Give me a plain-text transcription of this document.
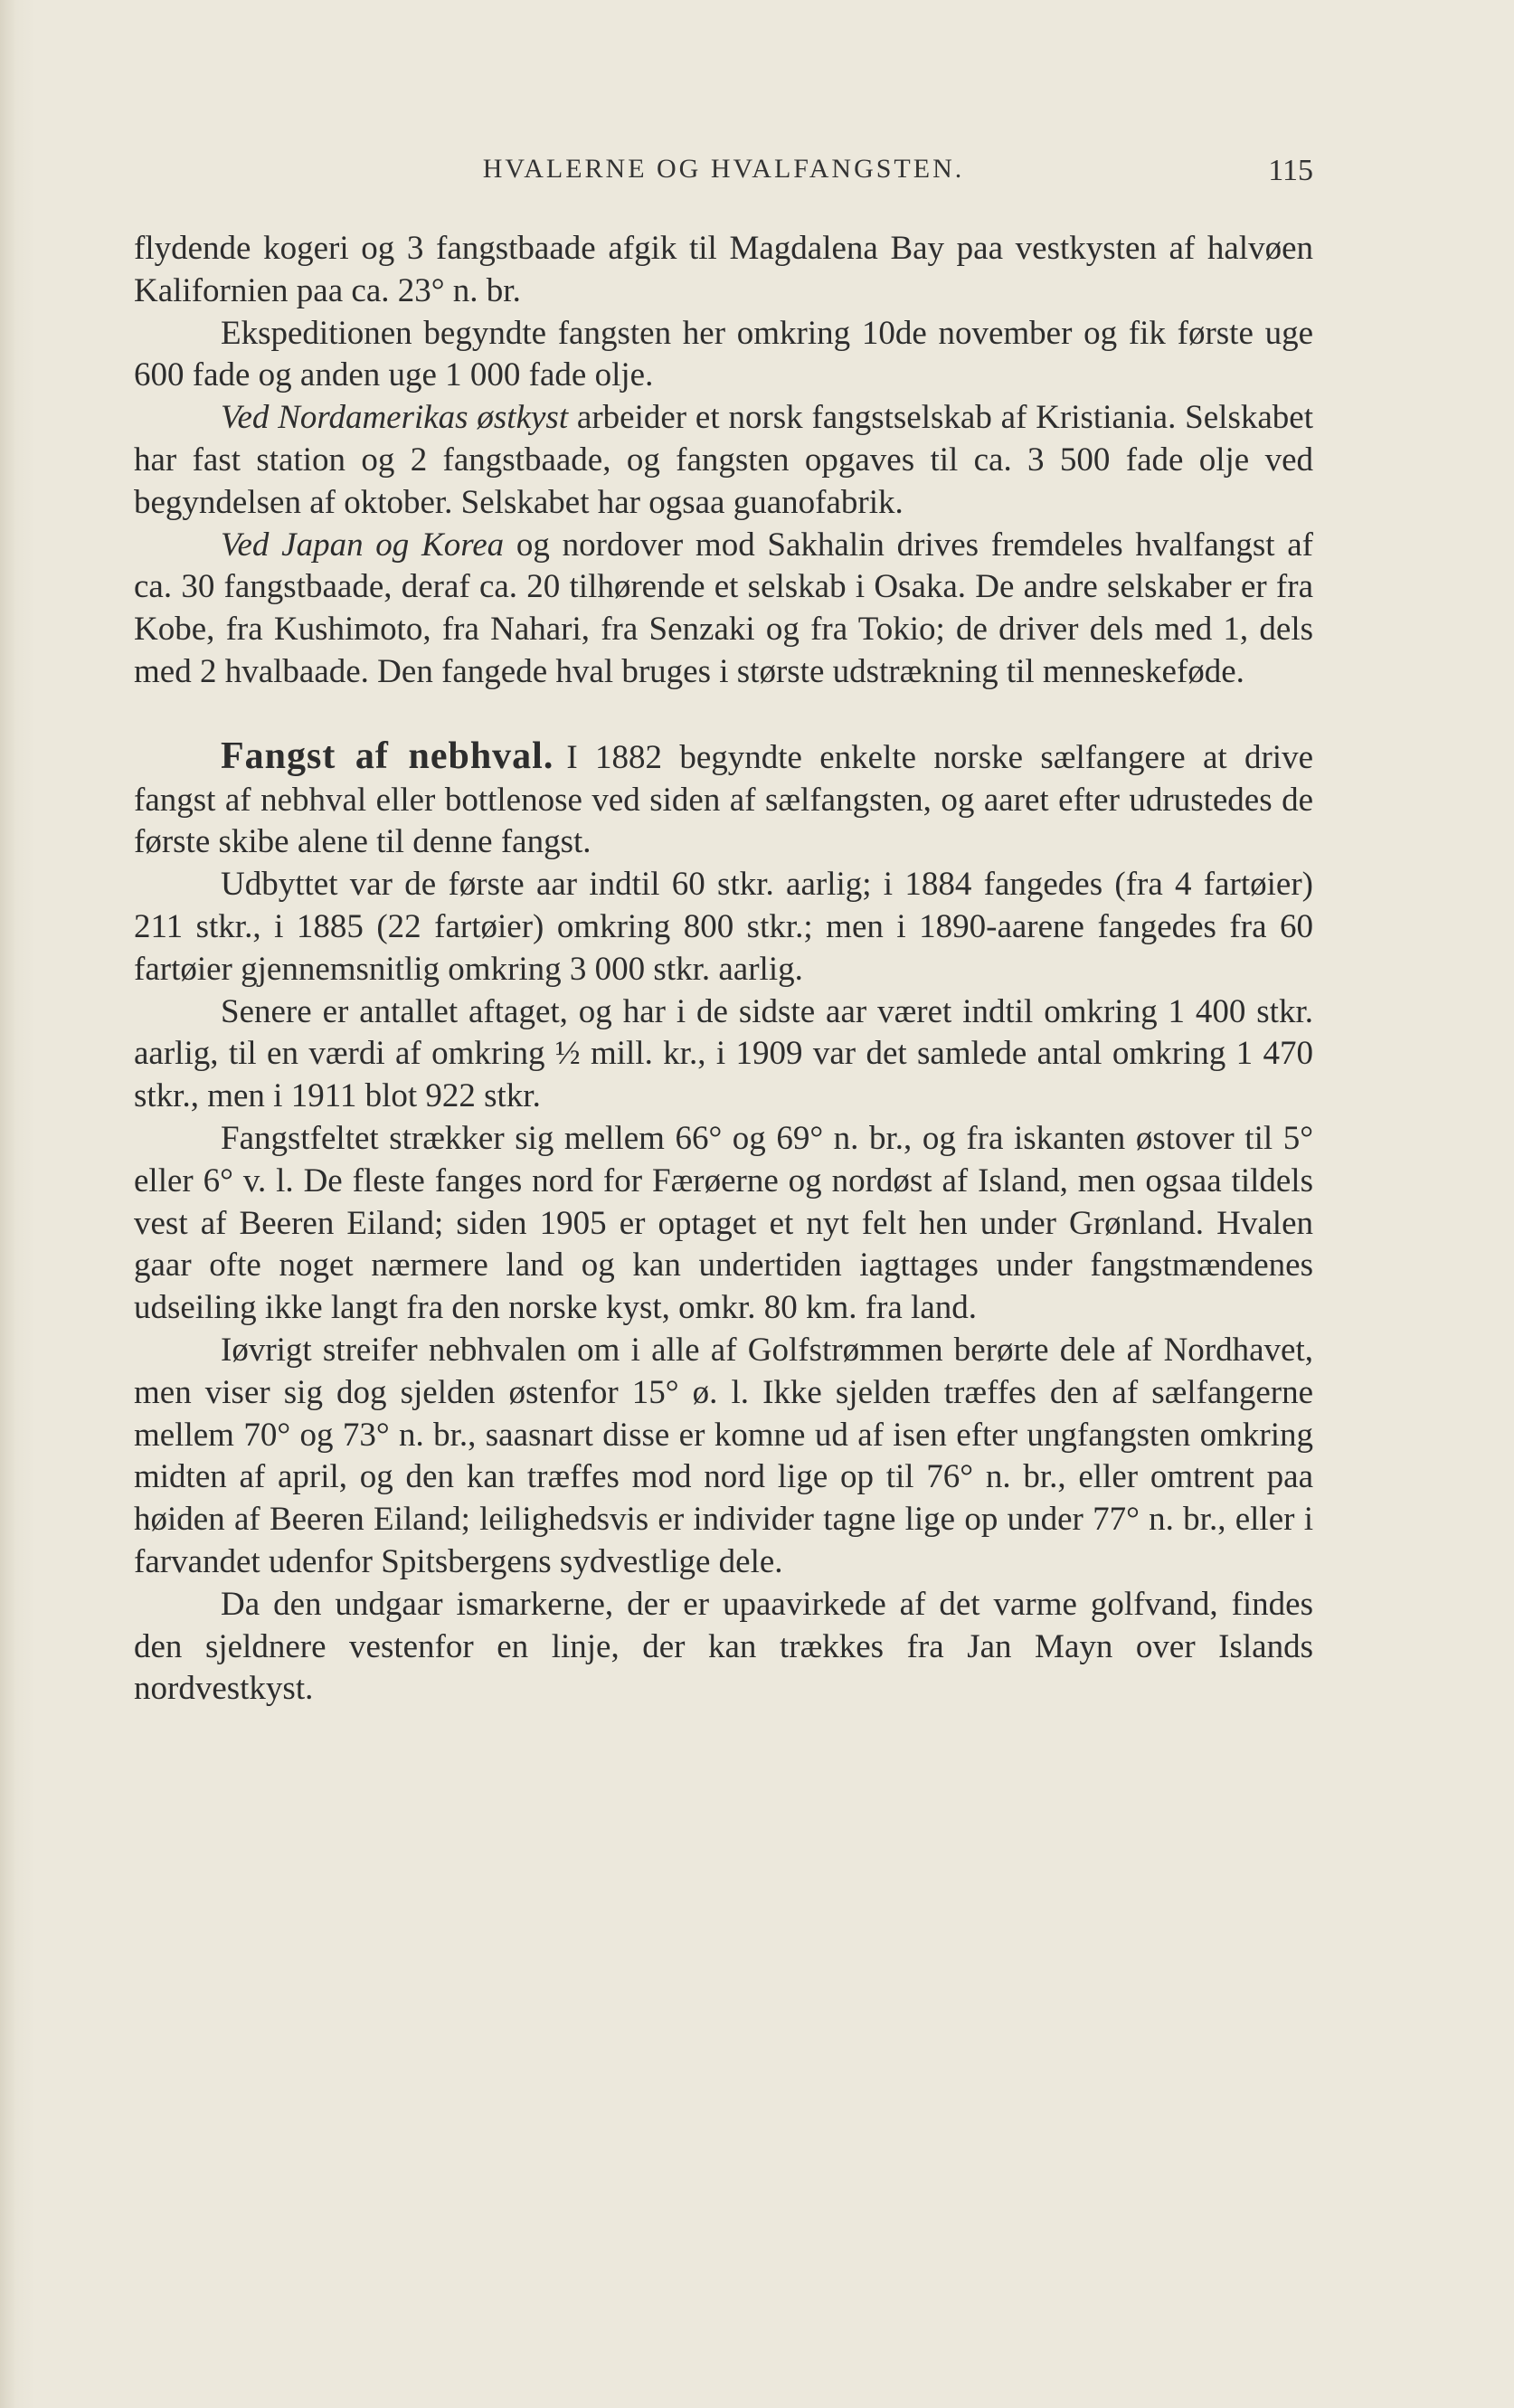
HVALERNE OG HVALFANGSTEN.	115

flydende kogeri og 3 fangstbaade afgik til Magdalena Bay paa vestkysten af halvøen Kalifornien paa ca. 23° n. br.

Ekspeditionen begyndte fangsten her omkring 10de november og fik første uge 600 fade og anden uge 1 000 fade olje.

Ved Nordamerikas østkyst arbeider et norsk fangstselskab af Kristiania. Selskabet har fast station og 2 fangstbaade, og fangsten opgaves til ca. 3 500 fade olje ved begyndelsen af oktober. Selskabet har ogsaa guanofabrik.

Ved Japan og Korea og nordover mod Sakhalin drives fremdeles hvalfangst af ca. 30 fangstbaade, deraf ca. 20 tilhørende et selskab i Osaka. De andre selskaber er fra Kobe, fra Kushimoto, fra Nahari, fra Senzaki og fra Tokio; de driver dels med 1, dels med 2 hvalbaade. Den fangede hval bruges i største udstrækning til menneskeføde.

Fangst af nebhval. I 1882 begyndte enkelte norske sælfangere at drive fangst af nebhval eller bottlenose ved siden af sælfangsten, og aaret efter udrustedes de første skibe alene til denne fangst.

Udbyttet var de første aar indtil 60 stkr. aarlig; i 1884 fangedes (fra 4 fartøier) 211 stkr., i 1885 (22 fartøier) omkring 800 stkr.; men i 1890-aarene fangedes fra 60 fartøier gjennemsnitlig omkring 3 000 stkr. aarlig.

Senere er antallet aftaget, og har i de sidste aar været indtil omkring 1 400 stkr. aarlig, til en værdi af omkring ½ mill. kr., i 1909 var det samlede antal omkring 1 470 stkr., men i 1911 blot 922 stkr.

Fangstfeltet strækker sig mellem 66° og 69° n. br., og fra iskanten østover til 5° eller 6° v. l. De fleste fanges nord for Færøerne og nordøst af Island, men ogsaa tildels vest af Beeren Eiland; siden 1905 er optaget et nyt felt hen under Grønland. Hvalen gaar ofte noget nærmere land og kan undertiden iagttages under fangstmændenes udseiling ikke langt fra den norske kyst, omkr. 80 km. fra land.

Iøvrigt streifer nebhvalen om i alle af Golfstrømmen berørte dele af Nordhavet, men viser sig dog sjelden østenfor 15° ø. l. Ikke sjelden træffes den af sælfangerne mellem 70° og 73° n. br., saasnart disse er komne ud af isen efter ungfangsten omkring midten af april, og den kan træffes mod nord lige op til 76° n. br., eller omtrent paa høiden af Beeren Eiland; leilighedsvis er individer tagne lige op under 77° n. br., eller i farvandet udenfor Spitsbergens sydvestlige dele.

Da den undgaar ismarkerne, der er upaavirkede af det varme golfvand, findes den sjeldnere vestenfor en linje, der kan trækkes fra Jan Mayn over Islands nordvestkyst.
